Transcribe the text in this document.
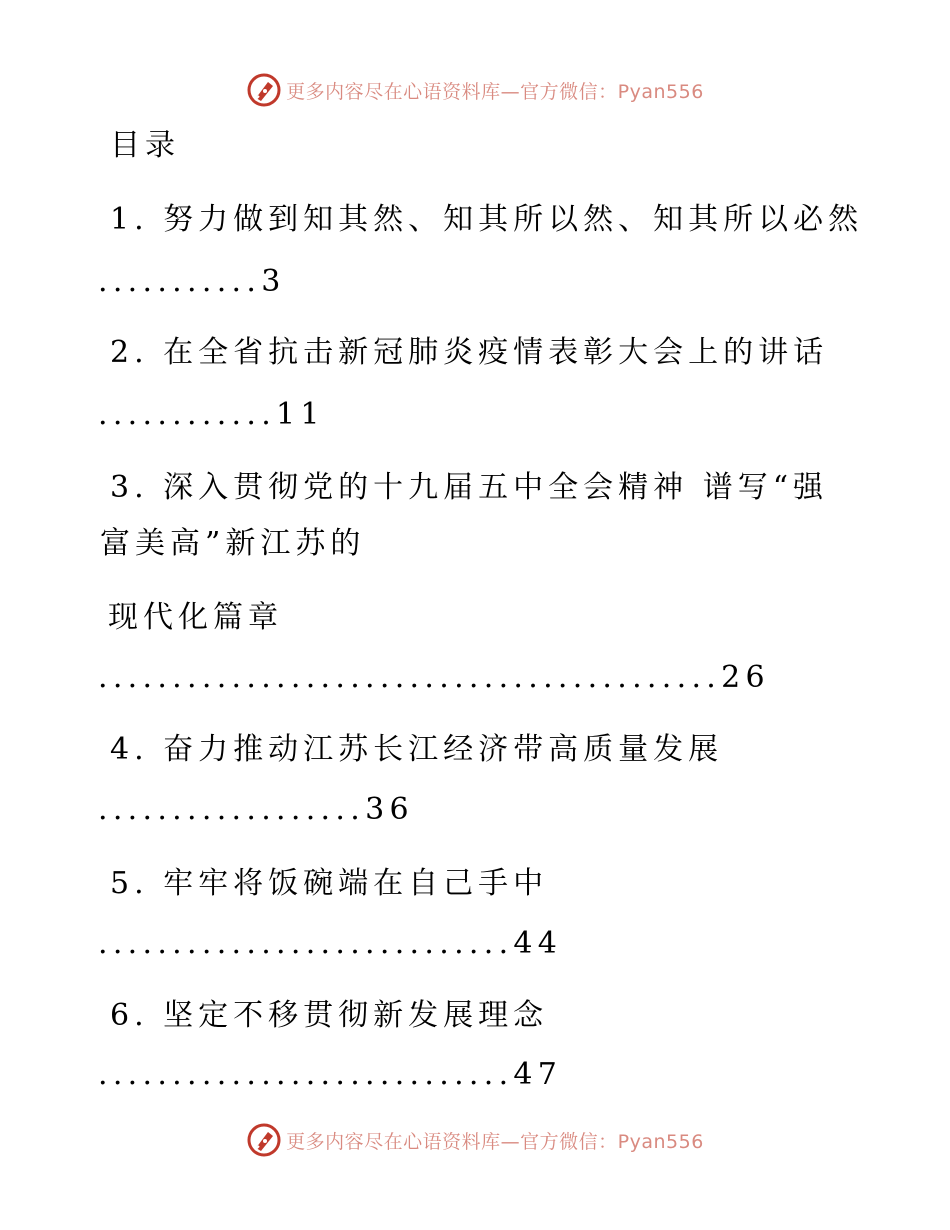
更多内容尽在心语资料库—官方微信：Pyan556
目录
1. 努力做到知其然、知其所以然、知其所以必然
...........3
2. 在全省抗击新冠肺炎疫情表彰大会上的讲话
............11
3. 深入贯彻党的十九届五中全会精神 谱写“强
富美高”新江苏的
现代化篇章
..........................................26
4. 奋力推动江苏长江经济带高质量发展
..................36
5. 牢牢将饭碗端在自己手中
............................44
6. 坚定不移贯彻新发展理念
............................47
更多内容尽在心语资料库—官方微信：Pyan556
